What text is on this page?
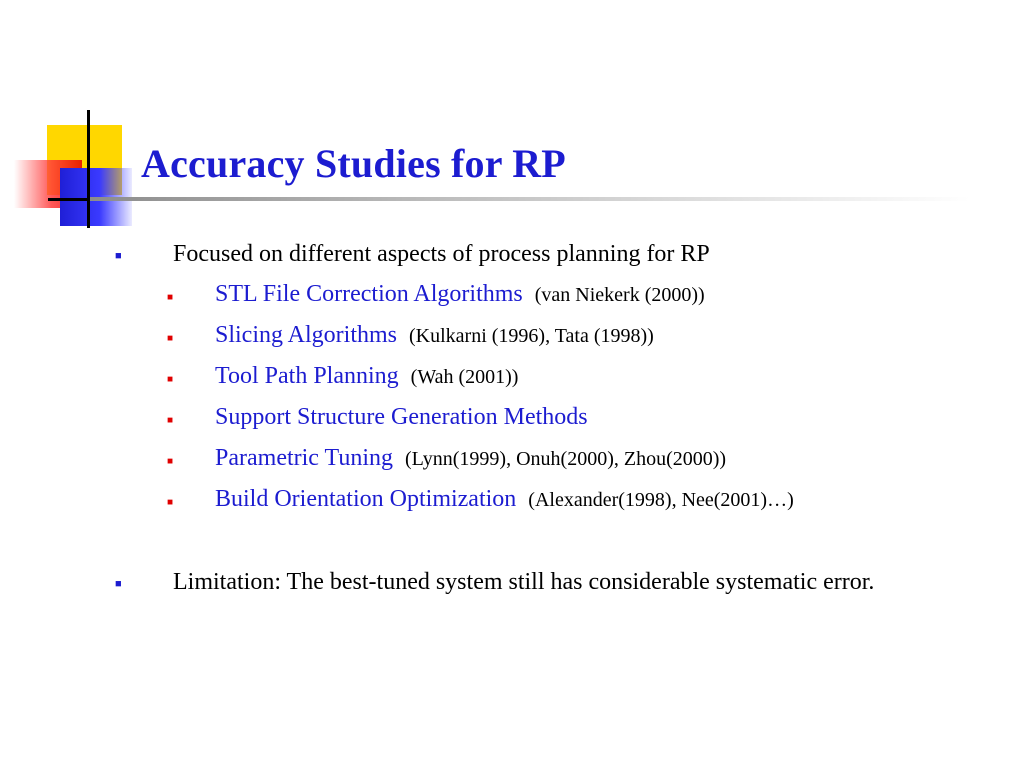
Accuracy Studies for RP
■ Focused on different aspects of process planning for RP
■ STL File Correction Algorithms (van Niekerk (2000))
■ Slicing Algorithms (Kulkarni (1996), Tata (1998))
■ Tool Path Planning (Wah (2001))
■ Support Structure Generation Methods
■ Parametric Tuning (Lynn(1999), Onuh(2000), Zhou(2000))
■ Build Orientation Optimization (Alexander(1998), Nee(2001)…)
■ Limitation: The best-tuned system still has considerable systematic error.
